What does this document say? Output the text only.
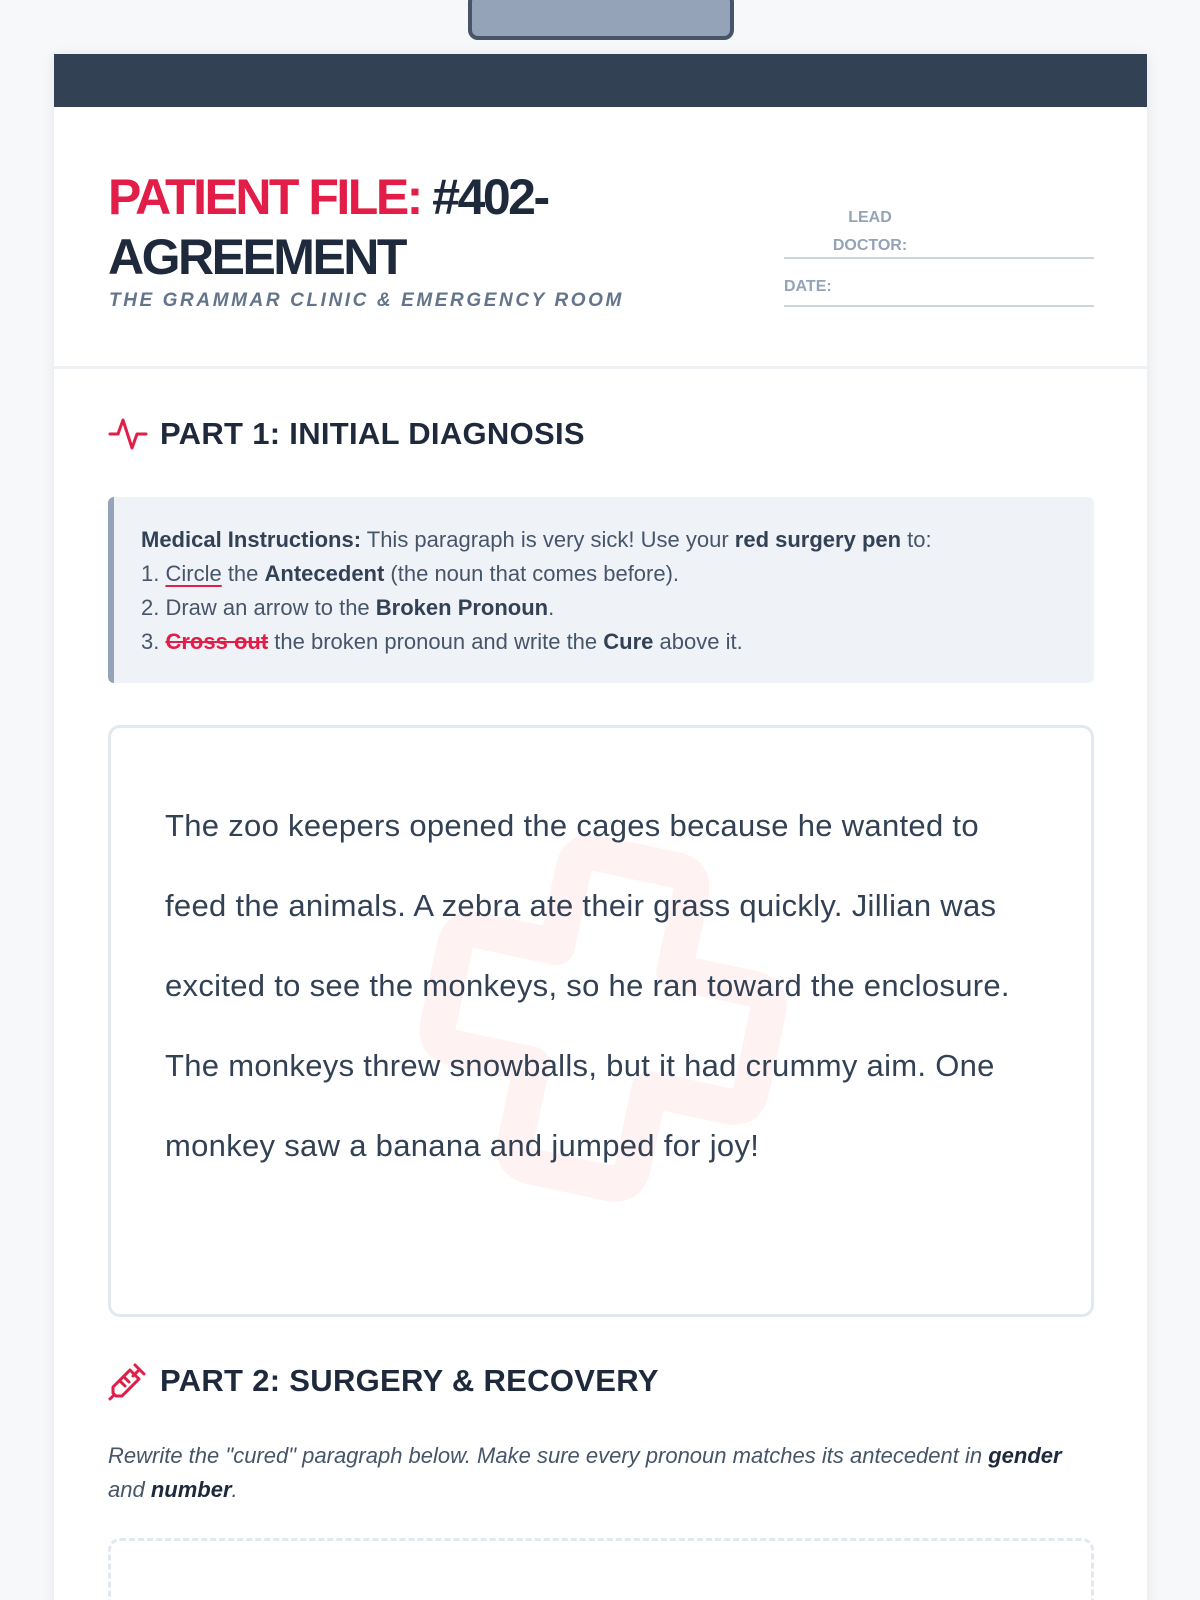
PATIENT FILE: #402-AGREEMENT
THE GRAMMAR CLINIC & EMERGENCY ROOM
LEAD DOCTOR:
DATE:
PART 1: INITIAL DIAGNOSIS
Medical Instructions: This paragraph is very sick! Use your red surgery pen to:
1. Circle the Antecedent (the noun that comes before).
2. Draw an arrow to the Broken Pronoun.
3. Cross out the broken pronoun and write the Cure above it.
The zoo keepers opened the cages because he wanted to feed the animals. A zebra ate their grass quickly. Jillian was excited to see the monkeys, so he ran toward the enclosure. The monkeys threw snowballs, but it had crummy aim. One monkey saw a banana and jumped for joy!
PART 2: SURGERY & RECOVERY
Rewrite the "cured" paragraph below. Make sure every pronoun matches its antecedent in gender and number.
